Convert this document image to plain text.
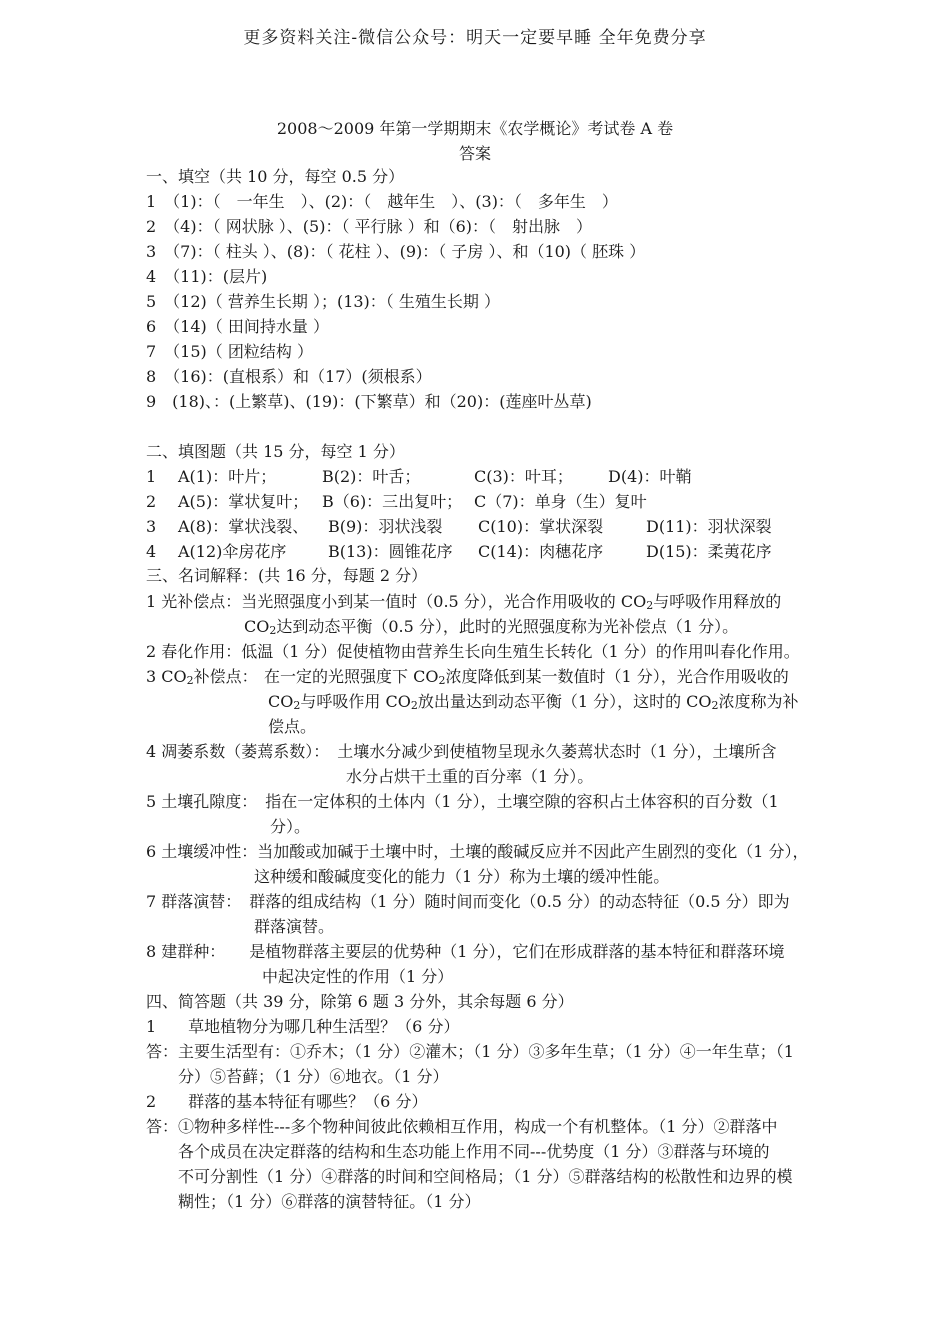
更多资料关注-微信公众号：明天一定要早睡 全年免费分享
2008～2009 年第一学期期末《农学概论》考试卷 A 卷
答案
一、填空（共 10 分，每空 0.5 分）
1　（1)：（　一年生　）、(2)：（　越年生　）、(3)：（　多年生　）
2　（4)：（ 网状脉 ）、(5)：（ 平行脉 ）和（6)：（　射出脉　）
3　（7)：（ 柱头 ）、(8)：（ 花柱 ）、(9)：（ 子房 ）、和（10)（ 胚珠 ）
4　（11)：(层片)
5　（12)（ 营养生长期 ）；(13)：（ 生殖生长期 ）
6　（14)（ 田间持水量 ）
7　（15)（ 团粒结构 ）
8　（16)：(直根系）和（17）(须根系）
9　(18)、：(上繁草)、(19)：(下繁草）和（20)：(莲座叶丛草)
二、填图题（共 15 分，每空 1 分）
1 A(1)：叶片；	B(2)：叶舌；	C(3)：叶耳； D(4)：叶鞘
2 A(5)：掌状复叶； B（6)：三出复叶； C（7)：单身（生）复叶
3 A(8)：掌状浅裂、 B(9)：羽状浅裂 C(10)：掌状深裂	D(11)：羽状深裂
4 A(12)伞房花序	B(13)：圆锥花序 C(14)：肉穗花序	D(15)：柔荑花序
三、名词解释：(共 16 分，每题 2 分）
1 光补偿点：当光照强度小到某一值时（0.5 分），光合作用吸收的 $CO_2$与呼吸作用释放的
$CO_2$达到动态平衡（0.5 分），此时的光照强度称为光补偿点（1 分）。
2 春化作用：低温（1 分）促使植物由营养生长向生殖生长转化（1 分）的作用叫春化作用。
3 $CO_2$补偿点： 在一定的光照强度下 $CO_2$浓度降低到某一数值时（1 分），光合作用吸收的
$CO_2$与呼吸作用 $CO_2$放出量达到动态平衡（1 分），这时的 $CO_2$浓度称为补
偿点。
4 凋萎系数（萎蔫系数）：　土壤水分减少到使植物呈现永久萎蔫状态时（1 分），土壤所含
水分占烘干土重的百分率（1 分）。
5 土壤孔隙度：　指在一定体积的土体内（1 分），土壤空隙的容积占土体容积的百分数（1
分）。
6 土壤缓冲性：当加酸或加碱于土壤中时，土壤的酸碱反应并不因此产生剧烈的变化（1 分），
这种缓和酸碱度变化的能力（1 分）称为土壤的缓冲性能。
7 群落演替：　群落的组成结构（1 分）随时间而变化（0.5 分）的动态特征（0.5 分）即为
群落演替。
8 建群种：　　是植物群落主要层的优势种（1 分），它们在形成群落的基本特征和群落环境
中起决定性的作用（1 分）
四、简答题（共 39 分，除第 6 题 3 分外，其余每题 6 分）
1　　草地植物分为哪几种生活型？（6 分）
答：主要生活型有：①乔木；（1 分）②灌木；（1 分）③多年生草；（1 分）④一年生草；（1
分）⑤苔藓；（1 分）⑥地衣。（1 分）
2　　群落的基本特征有哪些？（6 分）
答：①物种多样性---多个物种间彼此依赖相互作用，构成一个有机整体。（1 分）②群落中
各个成员在决定群落的结构和生态功能上作用不同---优势度（1 分）③群落与环境的
不可分割性（1 分）④群落的时间和空间格局；（1 分）⑤群落结构的松散性和边界的模
糊性；（1 分）⑥群落的演替特征。（1 分）
